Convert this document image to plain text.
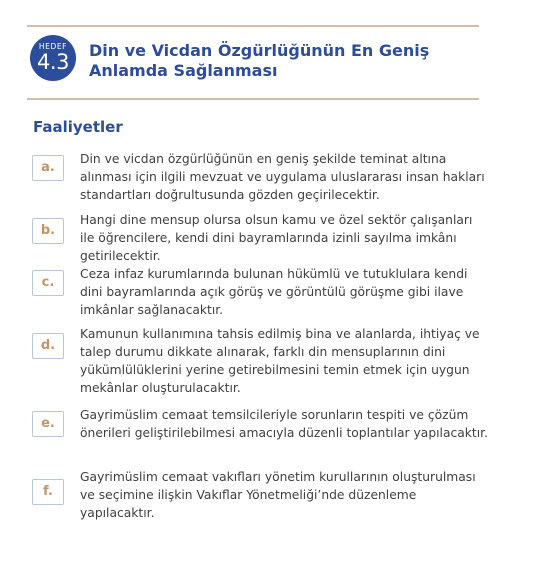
HEDEF
4.3	Din ve Vicdan Özgürlüğünün En Geniş Anlamda Sağlanması
Faaliyetler
a.
Din ve vicdan özgürlüğünün en geniş şekilde teminat altına alınması için ilgili mevzuat ve uygulama uluslararası insan hakları standartları doğrultusunda gözden geçirilecektir.
b.
Hangi dine mensup olursa olsun kamu ve özel sektör çalışanları ile öğrencilere, kendi dini bayramlarında izinli sayılma imkânı getirilecektir.
c.
Ceza infaz kurumlarında bulunan hükümlü ve tutuklulara kendi dini bayramlarında açık görüş ve görüntülü görüşme gibi ilave imkânlar sağlanacaktır.
d.
Kamunun kullanımına tahsis edilmiş bina ve alanlarda, ihtiyaç ve talep durumu dikkate alınarak, farklı din mensuplarının dini yükümlülüklerini yerine getirebilmesini temin etmek için uygun mekânlar oluşturulacaktır.
e.
Gayrimüslim cemaat temsilcileriyle sorunların tespiti ve çözüm önerileri geliştirilebilmesi amacıyla düzenli toplantılar yapılacaktır.
f.
Gayrimüslim cemaat vakıfları yönetim kurullarının oluşturulması ve seçimine ilişkin Vakıflar Yönetmeliği’nde düzenleme yapılacaktır.
